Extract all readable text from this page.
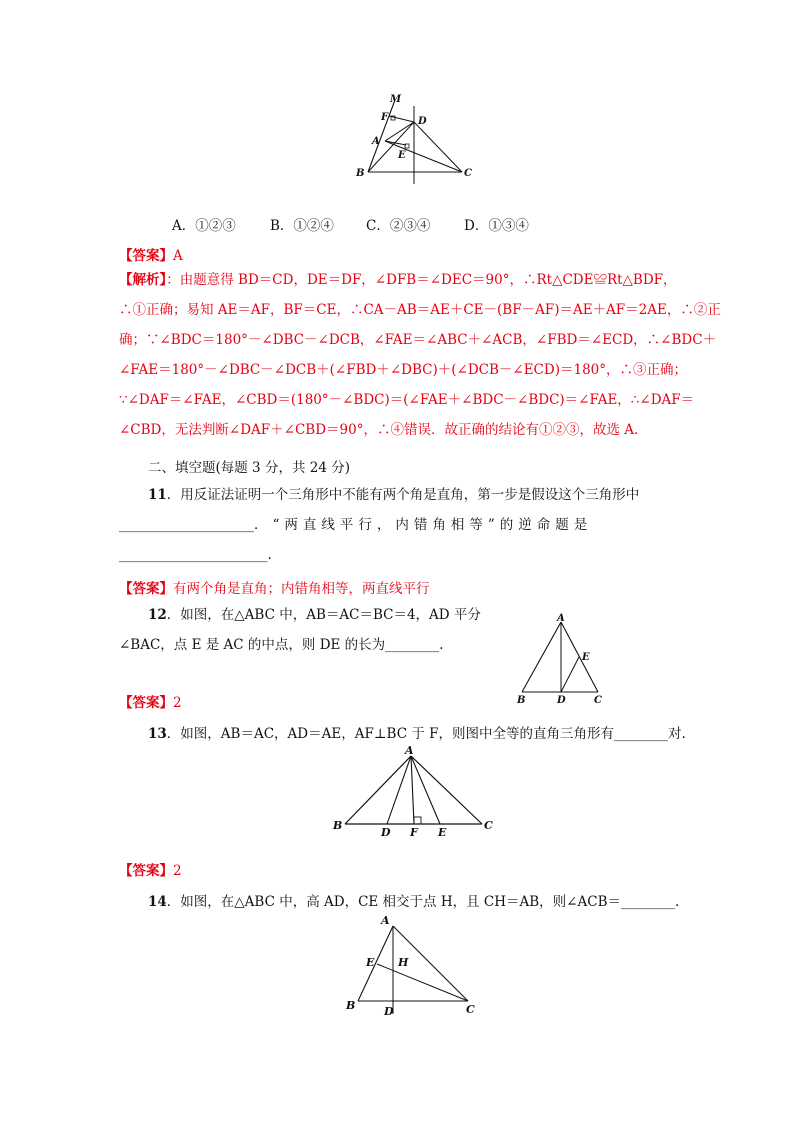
M
F	D
A
E
B	C
A．①②③	B．①②④ C．②③④ D．①③④
【答案】A
【解析】：由题意得 BD＝CD，DE＝DF，∠DFB＝∠DEC＝90°，∴Rt△CDE≌Rt△BDF，
∴①正确；易知 AE＝AF，BF＝CE，∴CA－AB＝AE＋CE－(BF－AF)＝AE＋AF＝2AE，∴②正
确；∵∠BDC＝180°－∠DBC－∠DCB，∠FAE＝∠ABC＋∠ACB，∠FBD＝∠ECD，∴∠BDC＋
∠FAE＝180°－∠DBC－∠DCB＋(∠FBD＋∠DBC)＋(∠DCB－∠ECD)＝180°，∴③正确；
∵∠DAF＝∠FAE，∠CBD＝(180°－∠BDC)＝(∠FAE＋∠BDC－∠BDC)＝∠FAE，∴∠DAF＝
∠CBD，无法判断∠DAF＋∠CBD＝90°，∴④错误．故正确的结论有①②③，故选 A.
二、填空题(每题 3 分，共 24 分)
11．用反证法证明一个三角形中不能有两个角是直角，第一步是假设这个三角形中
____________________．“两直线平行，内错角相等”的逆命题是
______________________.
【答案】有两个角是直角；内错角相等，两直线平行
12．如图，在△ABC 中，AB＝AC＝BC＝4，AD 平分
∠BAC，点 E 是 AC 的中点，则 DE 的长为________.
A
E
B	D	C
【答案】2
13．如图，AB＝AC，AD＝AE，AF⊥BC 于 F，则图中全等的直角三角形有________对.
A
B
D F E
C
【答案】2
14．如图，在△ABC 中，高 AD，CE 相交于点 H，且 CH＝AB，则∠ACB＝________.
A
E H
B	D	C
